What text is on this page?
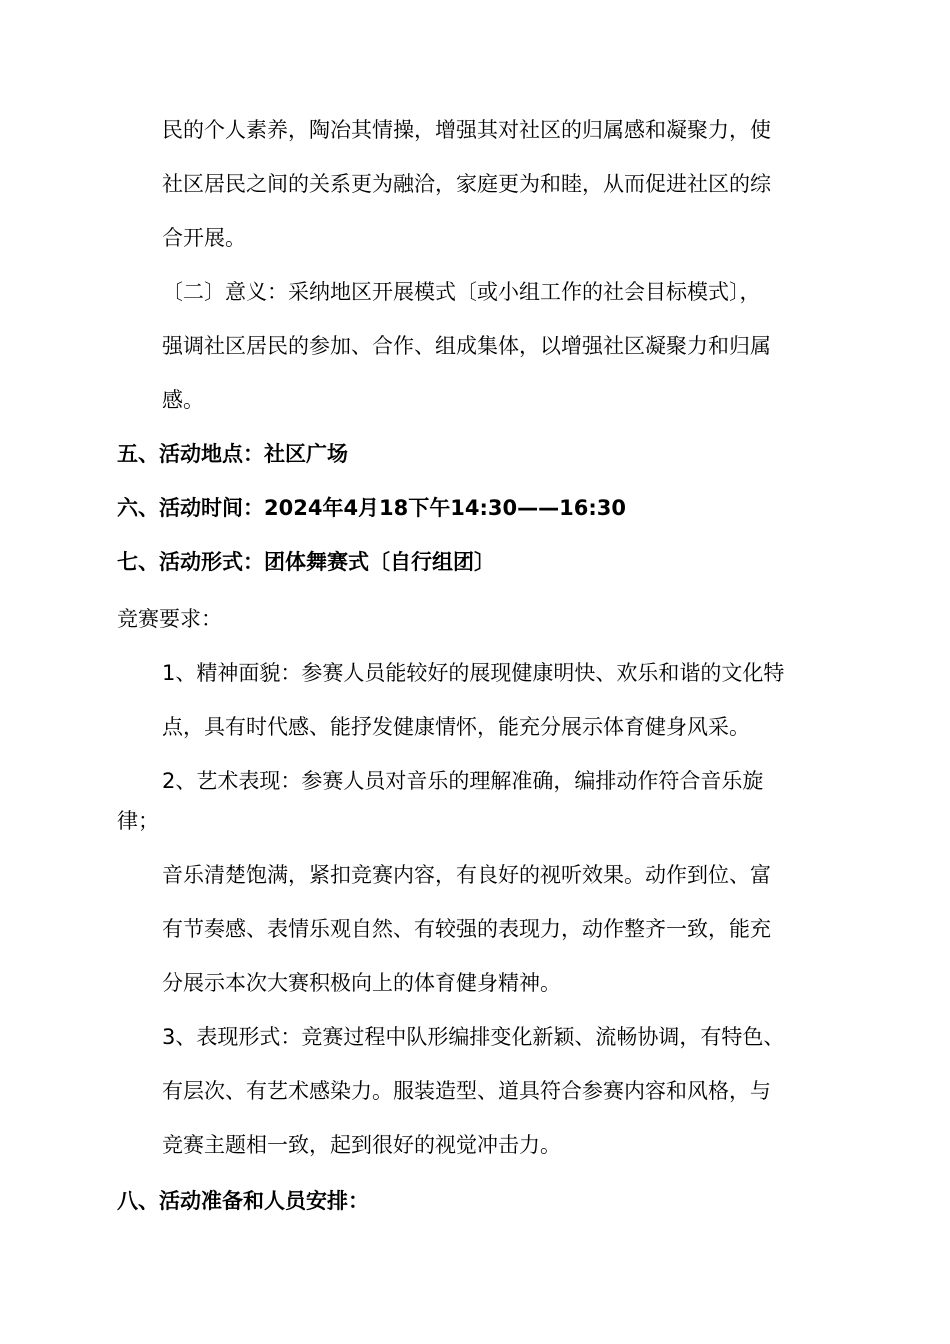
民的个人素养，陶冶其情操，增强其对社区的归属感和凝聚力，使
社区居民之间的关系更为融洽，家庭更为和睦，从而促进社区的综
合开展。
〔二〕意义：采纳地区开展模式〔或小组工作的社会目标模式〕，
强调社区居民的参加、合作、组成集体，以增强社区凝聚力和归属
感。
五、活动地点：社区广场
六、活动时间：2024年4月18下午14:30——16:30
七、活动形式：团体舞赛式〔自行组团〕
竞赛要求：
1、精神面貌：参赛人员能较好的展现健康明快、欢乐和谐的文化特
点，具有时代感、能抒发健康情怀，能充分展示体育健身风采。
2、艺术表现：参赛人员对音乐的理解准确，编排动作符合音乐旋
律；
音乐清楚饱满，紧扣竞赛内容，有良好的视听效果。动作到位、富
有节奏感、表情乐观自然、有较强的表现力，动作整齐一致，能充
分展示本次大赛积极向上的体育健身精神。
3、表现形式：竞赛过程中队形编排变化新颖、流畅协调，有特色、
有层次、有艺术感染力。服装造型、道具符合参赛内容和风格，与
竞赛主题相一致，起到很好的视觉冲击力。
八、活动准备和人员安排：
